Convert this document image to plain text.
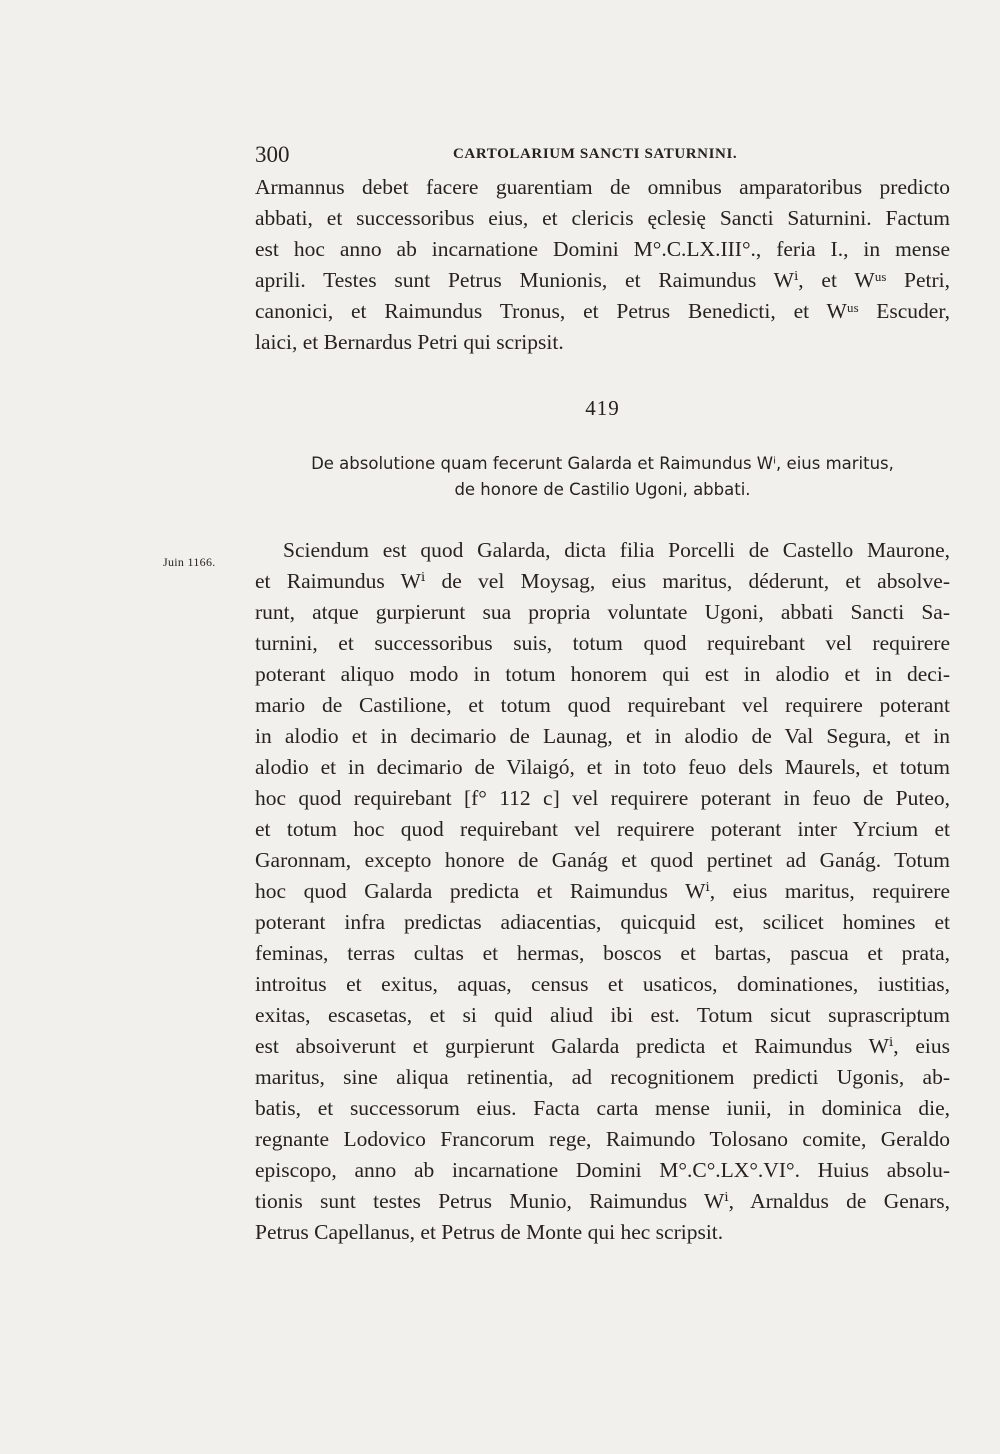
300	CARTOLARIUM SANCTI SATURNINI.
Armannus debet facere guarentiam de omnibus amparatoribus predicto
abbati, et successoribus eius, et clericis ęclesię Sancti Saturnini. Factum
est hoc anno ab incarnatione Domini M°.C.LX.III°., feria I., in mense
aprili. Testes sunt Petrus Munionis, et Raimundus Wⁱ, et Wᵘˢ Petri,
canonici, et Raimundus Tronus, et Petrus Benedicti, et Wᵘˢ Escuder,
laici, et Bernardus Petri qui scripsit.
419
De absolutione quam fecerunt Galarda et Raimundus Wⁱ, eius maritus,
de honore de Castilio Ugoni, abbati.
Juin 1166.	Sciendum est quod Galarda, dicta filia Porcelli de Castello Maurone,
et Raimundus Wⁱ de vel Moysag, eius maritus, déderunt, et absolve-
runt, atque gurpierunt sua propria voluntate Ugoni, abbati Sancti Sa-
turnini, et successoribus suis, totum quod requirebant vel requirere
poterant aliquo modo in totum honorem qui est in alodio et in deci-
mario de Castilione, et totum quod requirebant vel requirere poterant
in alodio et in decimario de Launag, et in alodio de Val Segura, et in
alodio et in decimario de Vilaigó, et in toto feuo dels Maurels, et totum
hoc quod requirebant [f° 112 c] vel requirere poterant in feuo de Puteo,
et totum hoc quod requirebant vel requirere poterant inter Yrcium et
Garonnam, excepto honore de Ganág et quod pertinet ad Ganág. Totum
hoc quod Galarda predicta et Raimundus Wⁱ, eius maritus, requirere
poterant infra predictas adiacentias, quicquid est, scilicet homines et
feminas, terras cultas et hermas, boscos et bartas, pascua et prata,
introitus et exitus, aquas, census et usaticos, dominationes, iustitias,
exitas, escasetas, et si quid aliud ibi est. Totum sicut suprascriptum
est absoiverunt et gurpierunt Galarda predicta et Raimundus Wⁱ, eius
maritus, sine aliqua retinentia, ad recognitionem predicti Ugonis, ab-
batis, et successorum eius. Facta carta mense iunii, in dominica die,
regnante Lodovico Francorum rege, Raimundo Tolosano comite, Geraldo
episcopo, anno ab incarnatione Domini M°.C°.LX°.VI°. Huius absolu-
tionis sunt testes Petrus Munio, Raimundus Wⁱ, Arnaldus de Genars,
Petrus Capellanus, et Petrus de Monte qui hec scripsit.
